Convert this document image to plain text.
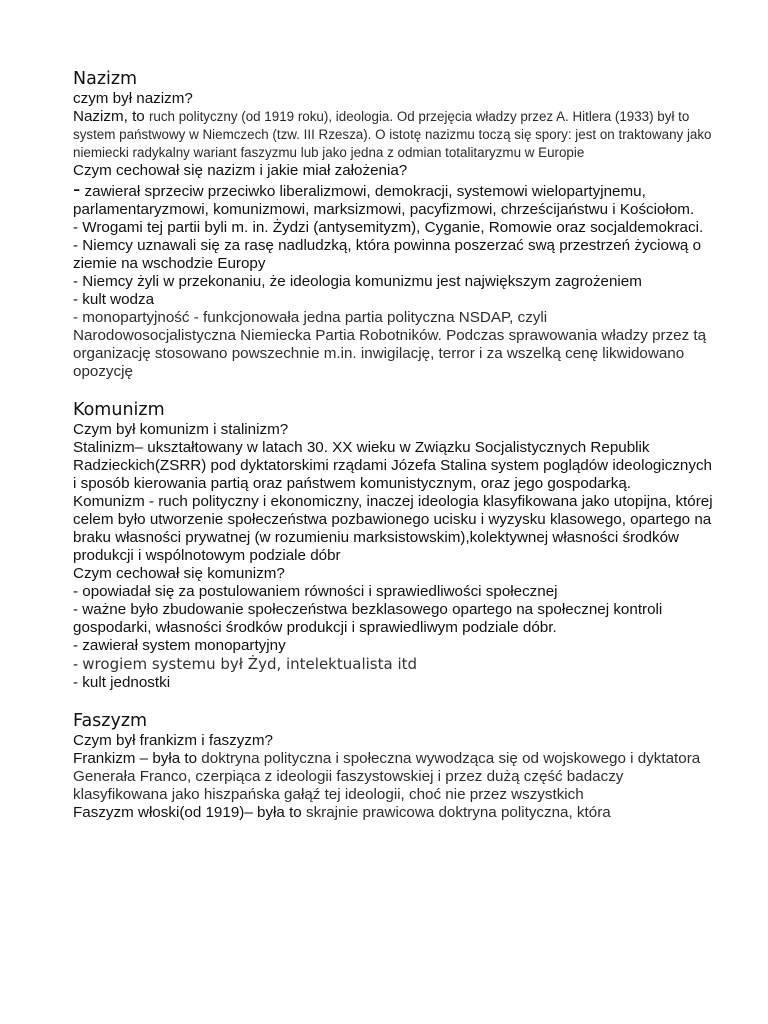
Nazizm

czym był nazizm?

Nazizm, to ruch polityczny (od 1919 roku), ideologia. Od przejęcia władzy przez A. Hitlera (1933) był to system państwowy w Niemczech (tzw. III Rzesza). O istotę nazizmu toczą się spory: jest on traktowany jako niemiecki radykalny wariant faszyzmu lub jako jedna z odmian totalitaryzmu w Europie

Czym cechował się nazizm i jakie miał założenia?

- zawierał sprzeciw przeciwko liberalizmowi, demokracji, systemowi wielopartyjnemu, parlamentaryzmowi, komunizmowi, marksizmowi, pacyfizmowi, chrześcijaństwu i Kościołom.

- Wrogami tej partii byli m. in. Żydzi (antysemityzm), Cyganie, Romowie oraz socjaldemokraci.

- Niemcy uznawali się za rasę nadludzką, która powinna poszerzać swą przestrzeń życiową o ziemie na wschodzie Europy

- Niemcy żyli w przekonaniu, że ideologia komunizmu jest największym zagrożeniem

- kult wodza

- monopartyjność - funkcjonowała jedna partia polityczna NSDAP, czyli Narodowosocjalistyczna Niemiecka Partia Robotników. Podczas sprawowania władzy przez tą organizację stosowano powszechnie m.in. inwigilację, terror i za wszelką cenę likwidowano opozycję

Komunizm

Czym był komunizm i stalinizm?

Stalinizm– ukształtowany w latach 30. XX wieku w Związku Socjalistycznych Republik Radzieckich(ZSRR) pod dyktatorskimi rządami Józefa Stalina system poglądów ideologicznych i sposób kierowania partią oraz państwem komunistycznym, oraz jego gospodarką.

Komunizm - ruch polityczny i ekonomiczny, inaczej ideologia klasyfikowana jako utopijna, której celem było utworzenie społeczeństwa pozbawionego ucisku i wyzysku klasowego, opartego na braku własności prywatnej (w rozumieniu marksistowskim),kolektywnej własności środków produkcji i wspólnotowym podziale dóbr

Czym cechował się komunizm?

- opowiadał się za postulowaniem równości i sprawiedliwości społecznej

- ważne było zbudowanie społeczeństwa bezklasowego opartego na społecznej kontroli gospodarki, własności środków produkcji i sprawiedliwym podziale dóbr.

- zawierał system monopartyjny

- wrogiem systemu był Żyd, intelektualista itd

- kult jednostki

Faszyzm

Czym był frankizm i faszyzm?

Frankizm – była to doktryna polityczna i społeczna wywodząca się od wojskowego i dyktatora Generała Franco, czerpiąca z ideologii faszystowskiej i przez dużą część badaczy klasyfikowana jako hiszpańska gałąź tej ideologii, choć nie przez wszystkich

Faszyzm włoski(od 1919)– była to skrajnie prawicowa doktryna polityczna, która
